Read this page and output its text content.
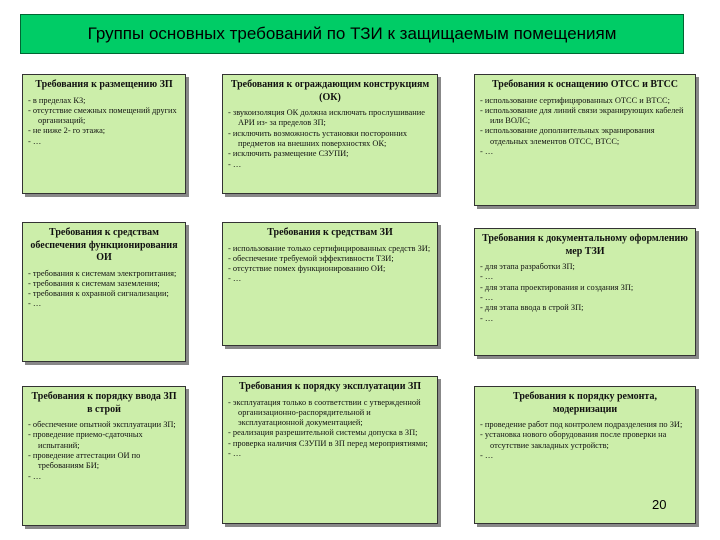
Группы основных требований по ТЗИ к защищаемым помещениям
Требования к размещению ЗП
- в пределах КЗ;
- отсутствие смежных помещений других организаций;
- не ниже 2- го этажа;
- …
Требования к ограждающим конструкциям (ОК)
- звукоизоляция ОК должна исключать прослушивание АРИ из- за пределов ЗП;
- исключить возможность установки посторонних предметов на внешних поверхностях ОК;
- исключить размещение СЗУПИ;
- …
Требования к оснащению ОТСС и ВТСС
- использование сертифицированных ОТСС и ВТСС;
- использование для линий связи экранирующих кабелей или ВОЛС;
- использование дополнительных экранирования отдельных элементов ОТСС, ВТСС;
- …
Требования к средствам обеспечения функционирования ОИ
- требования к системам электропитания;
- требования к системам заземления;
- требования к охранной сигнализации;
- …
Требования к средствам ЗИ
- использование только сертифицированных средств ЗИ;
- обеспечение требуемой эффективности ТЗИ;
- отсутствие помех функционированию ОИ;
- …
Требования к документальному оформлению мер ТЗИ
- для этапа разработки ЗП;
- …
- для этапа проектирования и создания ЗП;
- …
- для этапа ввода в строй ЗП;
- …
Требования к порядку ввода ЗП в строй
- обеспечение опытной эксплуатации ЗП;
- проведение приемо-сдаточных испытаний;
- проведение аттестации ОИ по требованиям БИ;
- …
Требования к порядку эксплуатации ЗП
- эксплуатация только в соответствии с утвержденной организационно-распорядительной и эксплуатационной документацией;
- реализация разрешительной системы допуска в ЗП;
- проверка наличия СЗУПИ в ЗП перед мероприятиями;
- …
Требования к порядку ремонта, модернизации
- проведение работ под контролем подразделения по ЗИ;
- установка нового оборудования после проверки на отсутствие закладных устройств;
- …
20
